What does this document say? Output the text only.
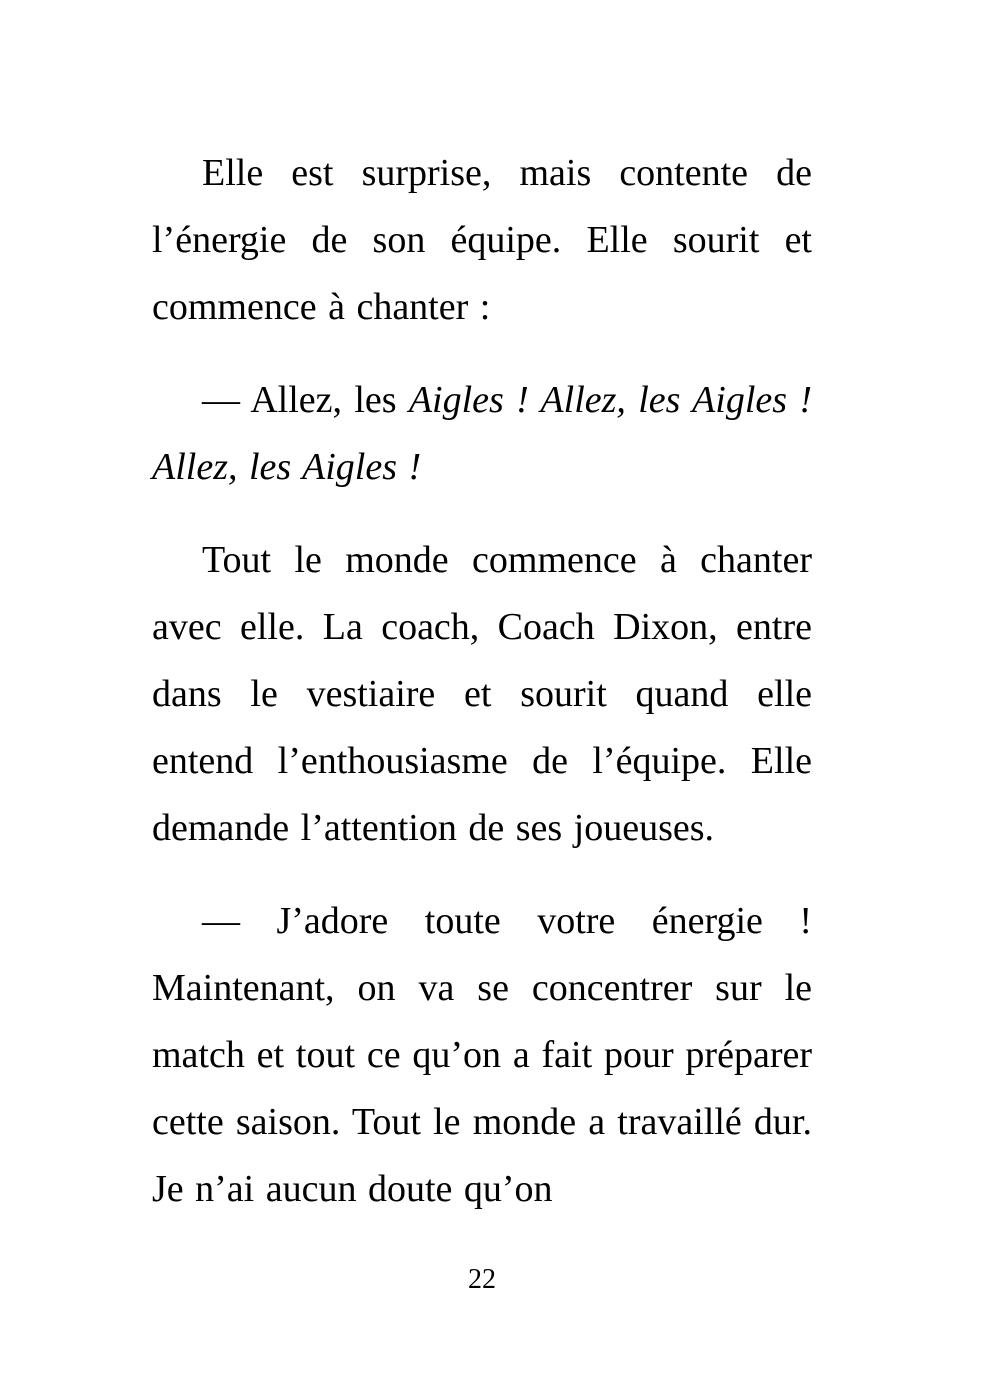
Elle est surprise, mais contente de l’énergie de son équipe. Elle sourit et commence à chanter :

— Allez, les Aigles ! Allez, les Aigles ! Allez, les Aigles !

Tout le monde commence à chanter avec elle. La coach, Coach Dixon, entre dans le vestiaire et sourit quand elle entend l’enthousiasme de l’équipe. Elle demande l’attention de ses joueuses.

— J’adore toute votre énergie ! Maintenant, on va se concentrer sur le match et tout ce qu’on a fait pour préparer cette saison. Tout le monde a travaillé dur. Je n’ai aucun doute qu’on

22
